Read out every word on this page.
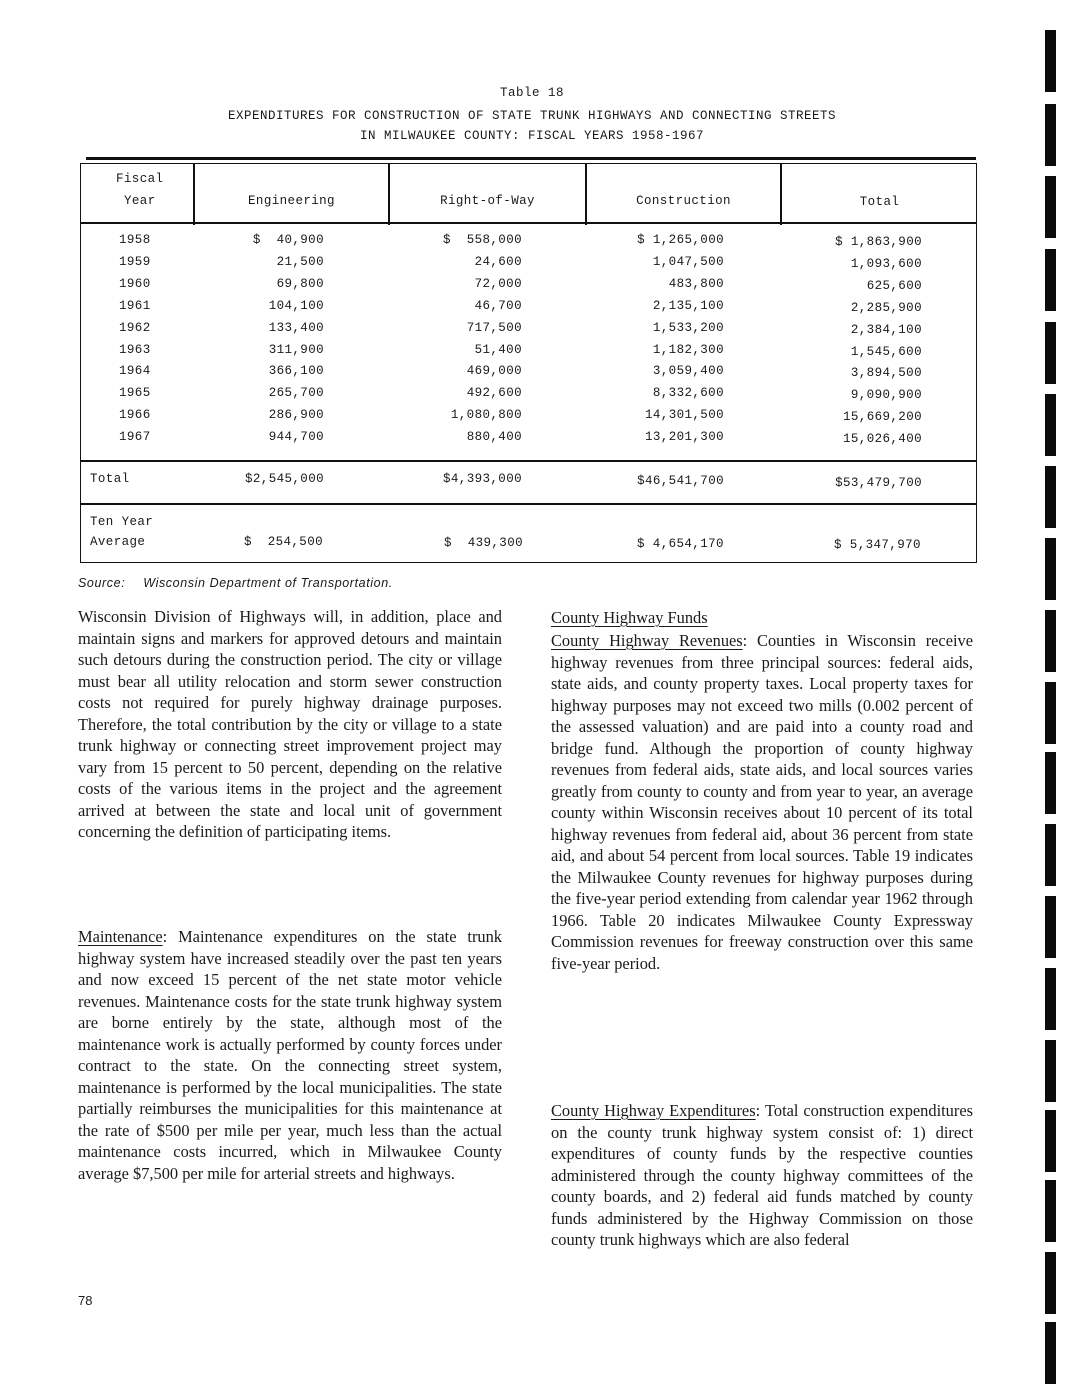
Table 18
EXPENDITURES FOR CONSTRUCTION OF STATE TRUNK HIGHWAYS AND CONNECTING STREETS
IN MILWAUKEE COUNTY: FISCAL YEARS 1958-1967
Fiscal
Year	Engineering	Right-of-Way	Construction	Total
1958	$  40,900	$  558,000	$ 1,265,000	$ 1,863,900
1959	21,500	24,600	1,047,500	1,093,600
1960	69,800	72,000	483,800	625,600
1961	104,100	46,700	2,135,100	2,285,900
1962	133,400	717,500	1,533,200	2,384,100
1963	311,900	51,400	1,182,300	1,545,600
1964	366,100	469,000	3,059,400	3,894,500
1965	265,700	492,600	8,332,600	9,090,900
1966	286,900	1,080,800	14,301,500	15,669,200
1967	944,700	880,400	13,201,300	15,026,400
Total	$2,545,000	$4,393,000	$46,541,700	$53,479,700
Ten Year
Average	$  254,500	$  439,300	$ 4,654,170	$ 5,347,970
Source: Wisconsin Department of Transportation.
Wisconsin Division of Highways will, in addition, place and maintain signs and markers for approved detours and maintain such detours during the construction period. The city or village must bear all utility relocation and storm sewer construction costs not required for purely highway drainage purposes. Therefore, the total contribution by the city or village to a state trunk highway or connecting street improvement project may vary from 15 percent to 50 percent, depending on the relative costs of the various items in the project and the agreement arrived at between the state and local unit of government concerning the definition of participating items.
Maintenance: Maintenance expenditures on the state trunk highway system have increased steadily over the past ten years and now exceed 15 percent of the net state motor vehicle revenues. Maintenance costs for the state trunk highway system are borne entirely by the state, although most of the maintenance work is actually performed by county forces under contract to the state. On the connecting street system, maintenance is performed by the local municipalities. The state partially reimburses the municipalities for this maintenance at the rate of $500 per mile per year, much less than the actual maintenance costs incurred, which in Milwaukee County average $7,500 per mile for arterial streets and highways.
County Highway Funds
County Highway Revenues: Counties in Wisconsin receive highway revenues from three principal sources: federal aids, state aids, and county property taxes. Local property taxes for highway purposes may not exceed two mills (0.002 percent of the assessed valuation) and are paid into a county road and bridge fund. Although the proportion of county highway revenues from federal aids, state aids, and local sources varies greatly from county to county and from year to year, an average county within Wisconsin receives about 10 percent of its total highway revenues from federal aid, about 36 percent from state aid, and about 54 percent from local sources. Table 19 indicates the Milwaukee County revenues for highway purposes during the five-year period extending from calendar year 1962 through 1966. Table 20 indicates Milwaukee County Expressway Commission revenues for freeway construction over this same five-year period.
County Highway Expenditures: Total construction expenditures on the county trunk highway system consist of: 1) direct expenditures of county funds by the respective counties administered through the county highway committees of the county boards, and 2) federal aid funds matched by county funds administered by the Highway Commission on those county trunk highways which are also federal
78
